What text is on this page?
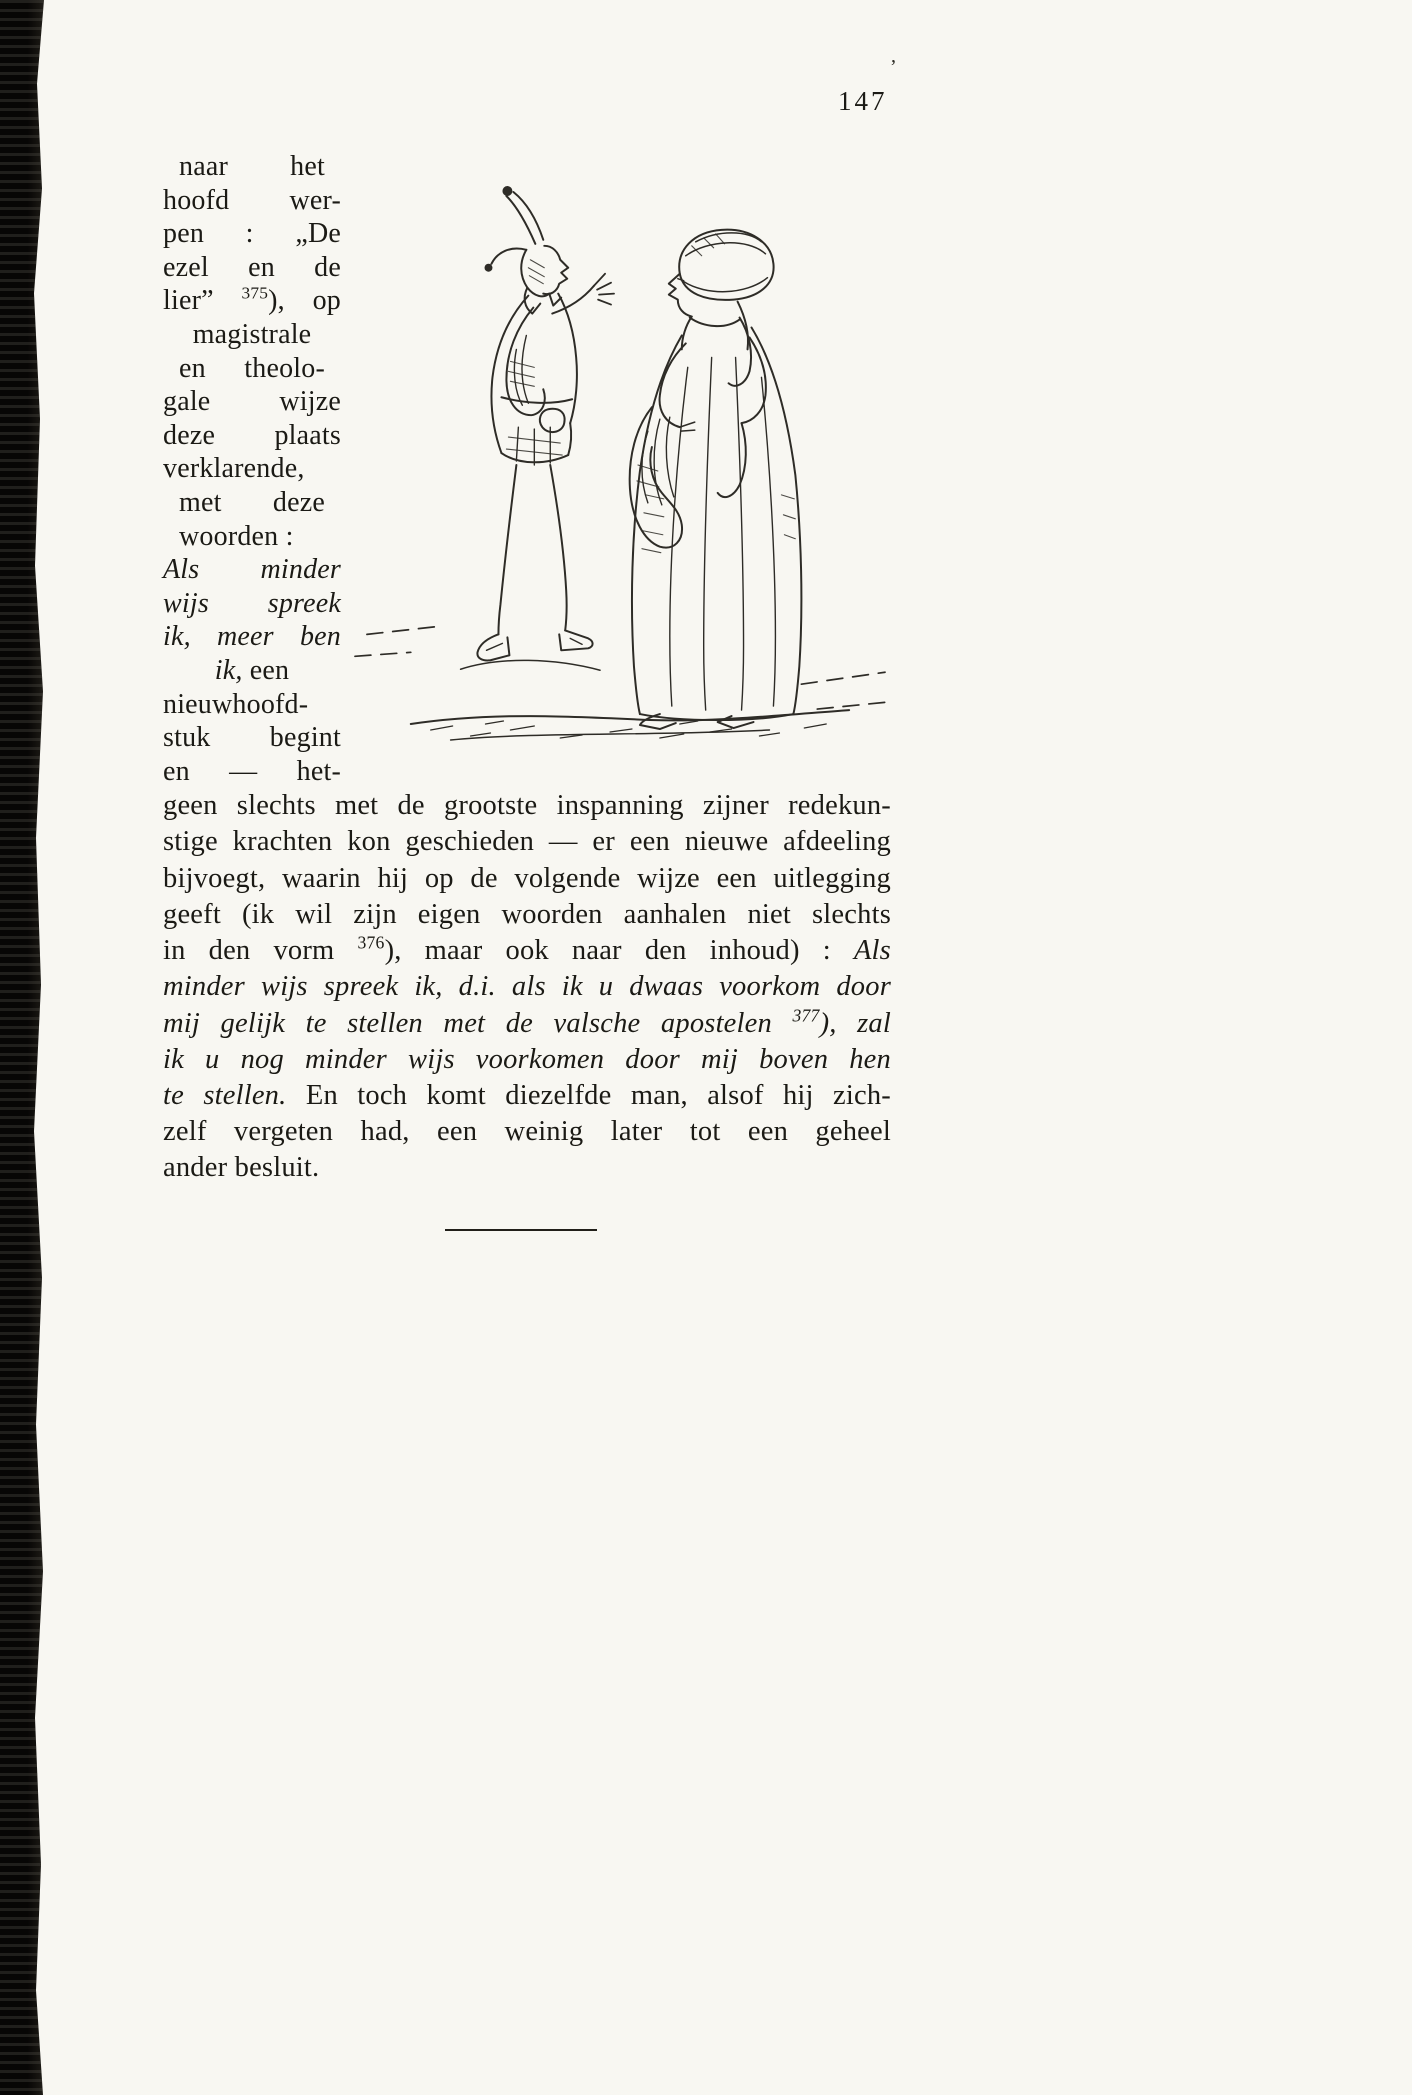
’
147
naar het
hoofd wer-
pen : „De
ezel en de
lier” $^{375}$), op
magistrale
en theolo-
gale wijze
deze plaats
verklarende,
met deze
woorden :
Als minder
wijs spreek
ik, meer ben
ik, een
nieuwhoofd-
stuk begint
en — het-
geen slechts met de grootste inspanning zijner redekun-
stige krachten kon geschieden — er een nieuwe afdeeling
bijvoegt, waarin hij op de volgende wijze een uitlegging
geeft (ik wil zijn eigen woorden aanhalen niet slechts
in den vorm $^{376}$), maar ook naar den inhoud) : Als
minder wijs spreek ik, d.i. als ik u dwaas voorkom door
mij gelijk te stellen met de valsche apostelen $^{377}$), zal
ik u nog minder wijs voorkomen door mij boven hen
te stellen. En toch komt diezelfde man, alsof hij zich-
zelf vergeten had, een weinig later tot een geheel
ander besluit.
